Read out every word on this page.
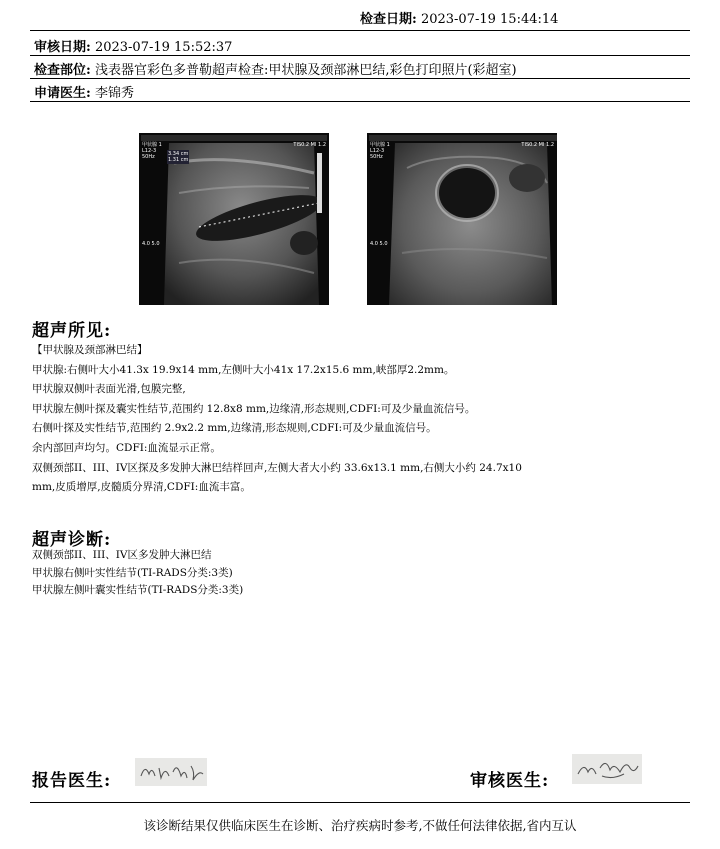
检查日期: 2023-07-19 15:44:14
审核日期: 2023-07-19 15:52:37
检查部位: 浅表器官彩色多普勒超声检查:甲状腺及颈部淋巴结,彩色打印照片(彩超室)
申请医生: 李锦秀
甲状腺 1
L12-3
50Hz	3.34 cm
1.31 cm
TIS0.2 MI 1.2
4.0 5.0
甲状腺 1
L12-3
50Hz
TIS0.2 MI 1.2
4.0 5.0
超声所见:
【甲状腺及颈部淋巴结】
甲状腺:右侧叶大小41.3x 19.9x14 mm,左侧叶大小41x 17.2x15.6 mm,峡部厚2.2mm。
甲状腺双侧叶表面光滑,包膜完整,
甲状腺左侧叶探及囊实性结节,范围约 12.8x8 mm,边缘清,形态规则,CDFI:可及少量血流信号。
右侧叶探及实性结节,范围约 2.9x2.2 mm,边缘清,形态规则,CDFI:可及少量血流信号。
余内部回声均匀。CDFI:血流显示正常。
双侧颈部II、III、IV区探及多发肿大淋巴结样回声,左侧大者大小约 33.6x13.1 mm,右侧大小约 24.7x10
mm,皮质增厚,皮髓质分界清,CDFI:血流丰富。
超声诊断:
双侧颈部II、III、IV区多发肿大淋巴结
甲状腺右侧叶实性结节(TI-RADS分类:3类)
甲状腺左侧叶囊实性结节(TI-RADS分类:3类)
报告医生:	审核医生:
该诊断结果仅供临床医生在诊断、治疗疾病时参考,不做任何法律依据,省内互认
